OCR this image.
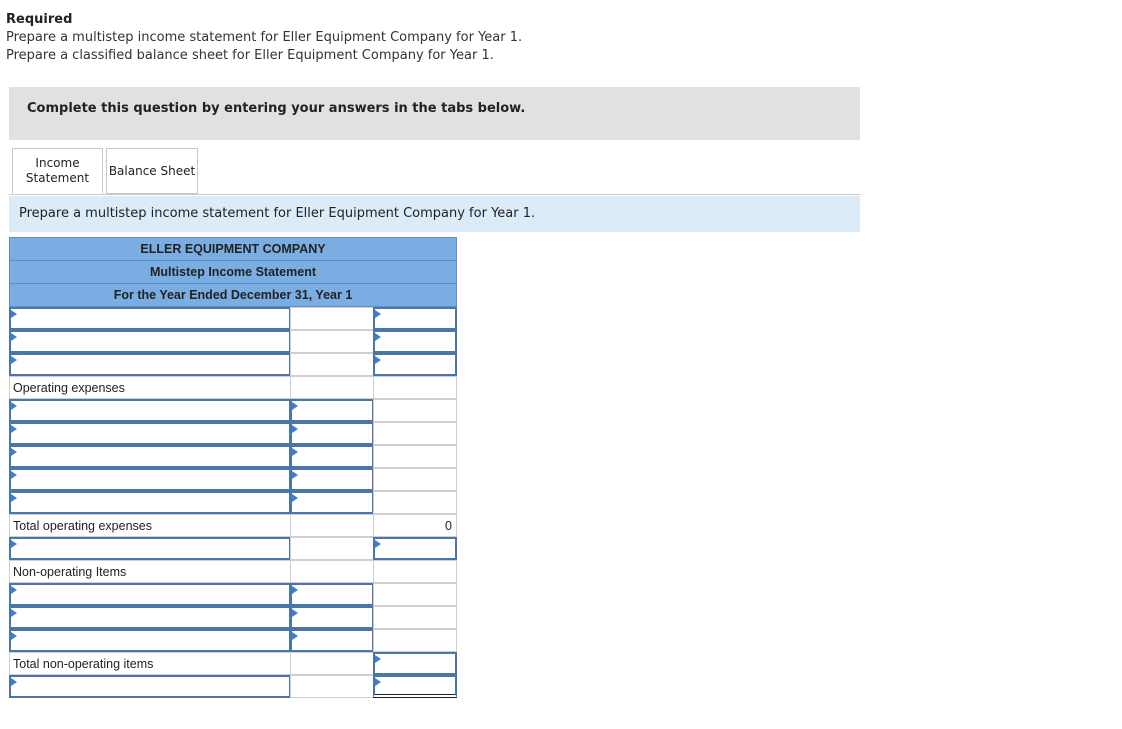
Required
Prepare a multistep income statement for Eller Equipment Company for Year 1.
Prepare a classified balance sheet for Eller Equipment Company for Year 1.
Complete this question by entering your answers in the tabs below.
Income
Statement
Balance Sheet
Prepare a multistep income statement for Eller Equipment Company for Year 1.
ELLER EQUIPMENT COMPANY
Multistep Income Statement
For the Year Ended December 31, Year 1
Operating expenses
Total operating expenses	0
Non-operating Items
Total non-operating items
